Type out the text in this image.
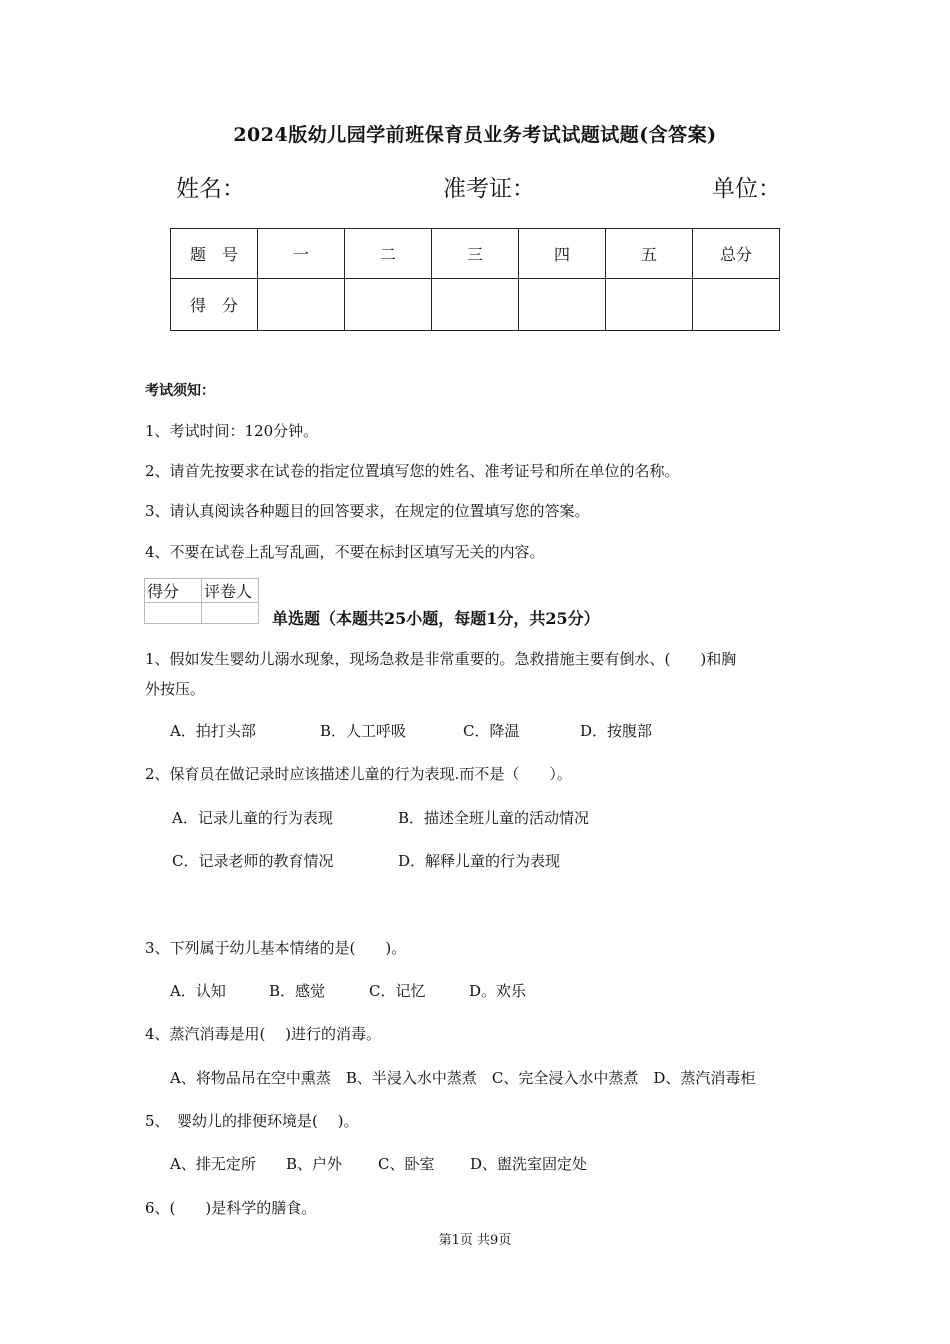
2024版幼儿园学前班保育员业务考试试题试题(含答案)
姓名：	准考证：	单位：
题　号	一	二	三	四	五	总分
得　分						
考试须知：
1、考试时间：120分钟。
2、请首先按要求在试卷的指定位置填写您的姓名、准考证号和所在单位的名称。
3、请认真阅读各种题目的回答要求，在规定的位置填写您的答案。
4、不要在试卷上乱写乱画，不要在标封区填写无关的内容。
得分	评卷人

单选题（本题共25小题，每题1分，共25分）
1、假如发生婴幼儿溺水现象，现场急救是非常重要的。急救措施主要有倒水、(　　)和胸
外按压。
A．拍打头部	B．人工呼吸	C．降温	D．按腹部
2、保育员在做记录时应该描述儿童的行为表现.而不是（　　）。
A．记录儿童的行为表现	B．描述全班儿童的活动情况
C．记录老师的教育情况	D．解释儿童的行为表现
3、下列属于幼儿基本情绪的是(　　)。
A．认知	B．感觉	C．记忆	D。欢乐
4、蒸汽消毒是用(　 )进行的消毒。
A、将物品吊在空中熏蒸　B、半浸入水中蒸煮　C、完全浸入水中蒸煮　D、蒸汽消毒柜
5、　婴幼儿的排便环境是(　 )。
A、排无定所 B、户外 C、卧室 D、盥洗室固定处
6、(　　)是科学的膳食。
第1页 共9页
